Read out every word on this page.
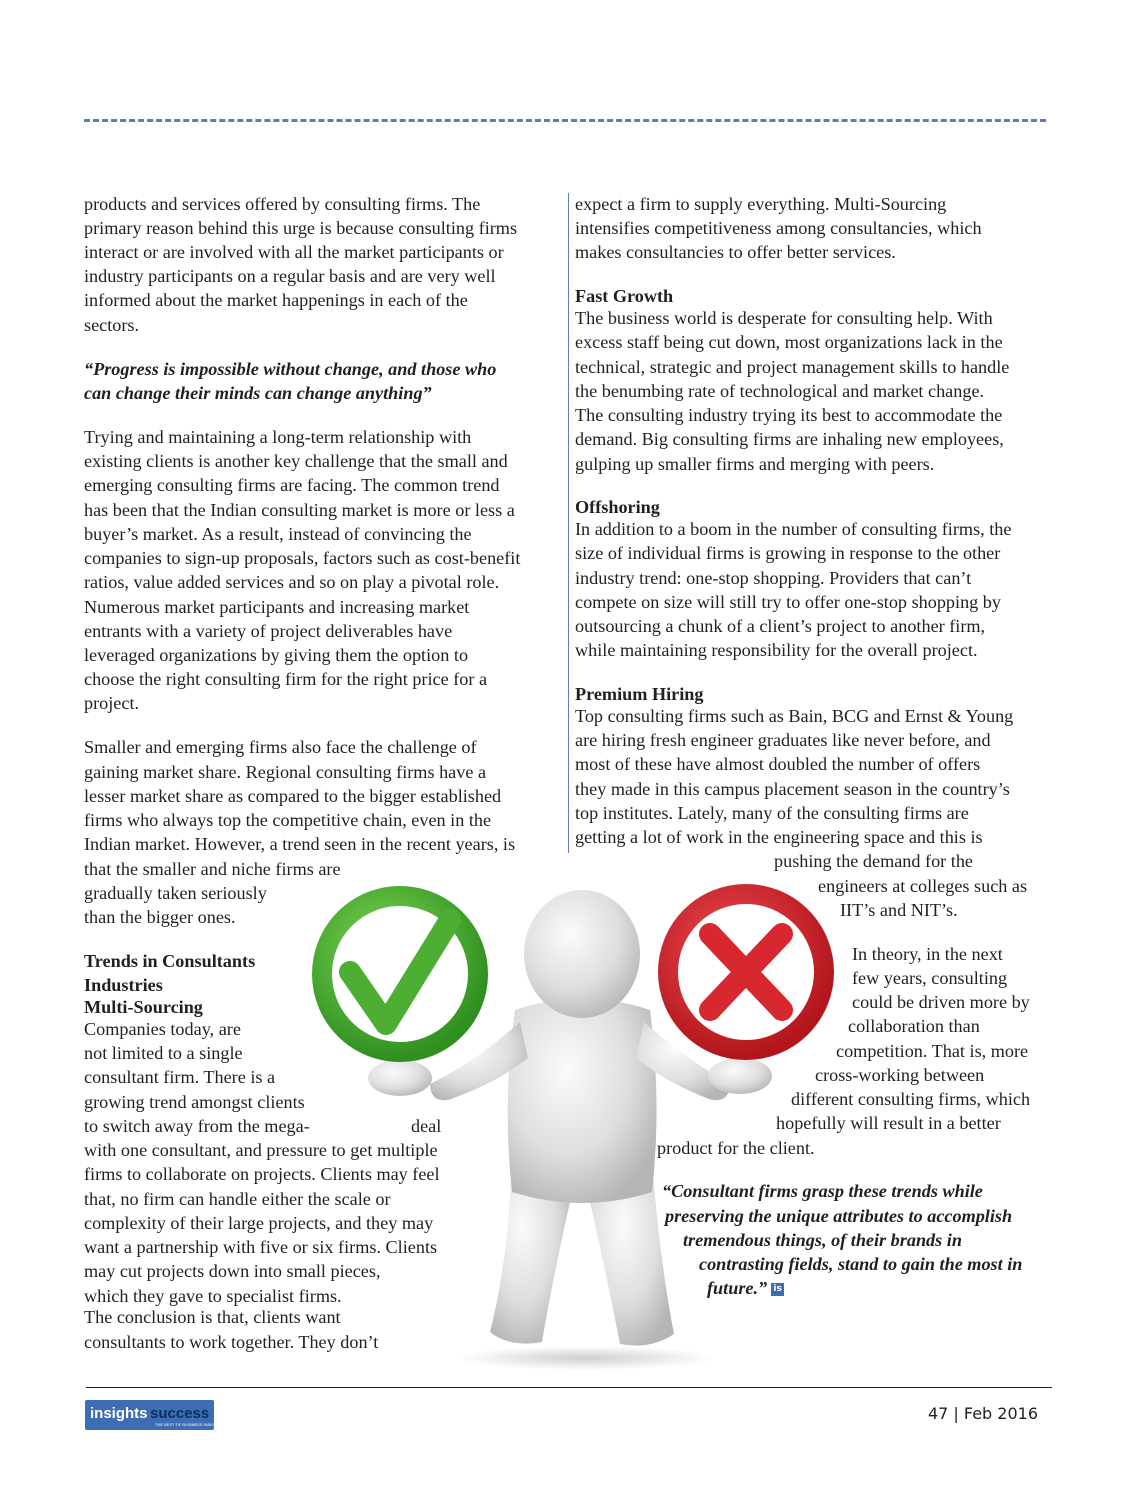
products and services offered by consulting firms. The

primary reason behind this urge is because consulting firms

interact or are involved with all the market participants or

industry participants on a regular basis and are very well

informed about the market happenings in each of the

sectors.

“Progress is impossible without change, and those who

can change their minds can change anything”

Trying and maintaining a long-term relationship with

existing clients is another key challenge that the small and

emerging consulting firms are facing. The common trend

has been that the Indian consulting market is more or less a

buyer’s market. As a result, instead of convincing the

companies to sign-up proposals, factors such as cost-benefit

ratios, value added services and so on play a pivotal role.

Numerous market participants and increasing market

entrants with a variety of project deliverables have

leveraged organizations by giving them the option to

choose the right consulting firm for the right price for a

project.

Smaller and emerging firms also face the challenge of

gaining market share. Regional consulting firms have a

lesser market share as compared to the bigger established

firms who always top the competitive chain, even in the

Indian market. However, a trend seen in the recent years, is

that the smaller and niche firms are

gradually taken seriously

than the bigger ones.

Trends in Consultants

Industries

Multi-Sourcing

Companies today, are

not limited to a single

consultant firm. There is a

growing trend amongst clients

to switch away from the mega-	deal

with one consultant, and pressure to get multiple

firms to collaborate on projects. Clients may feel

that, no firm can handle either the scale or

complexity of their large projects, and they may

want a partnership with five or six firms. Clients

may cut projects down into small pieces,

which they gave to specialist firms.

The conclusion is that, clients want

consultants to work together. They don’t

expect a firm to supply everything. Multi-Sourcing

intensifies competitiveness among consultancies, which

makes consultancies to offer better services.

Fast Growth

The business world is desperate for consulting help. With

excess staff being cut down, most organizations lack in the

technical, strategic and project management skills to handle

the benumbing rate of technological and market change.

The consulting industry trying its best to accommodate the

demand. Big consulting firms are inhaling new employees,

gulping up smaller firms and merging with peers.

Offshoring

In addition to a boom in the number of consulting firms, the

size of individual firms is growing in response to the other

industry trend: one-stop shopping. Providers that can’t

compete on size will still try to offer one-stop shopping by

outsourcing a chunk of a client’s project to another firm,

while maintaining responsibility for the overall project.

Premium Hiring

Top consulting firms such as Bain, BCG and Ernst & Young

are hiring fresh engineer graduates like never before, and

most of these have almost doubled the number of offers

they made in this campus placement season in the country’s

top institutes. Lately, many of the consulting firms are

getting a lot of work in the engineering space and this is

pushing the demand for the

engineers at colleges such as

IIT’s and NIT’s.

In theory, in the next

few years, consulting

could be driven more by

collaboration than

competition. That is, more

cross-working between

different consulting firms, which

hopefully will result in a better

product for the client.

“Consultant firms grasp these trends while

preserving the unique attributes to accomplish

tremendous things, of their brands in

contrasting fields, stand to gain the most in

future.” is

insights success
THE BEST OF BUSINESS INSIGHTS
47 | Feb 2016
